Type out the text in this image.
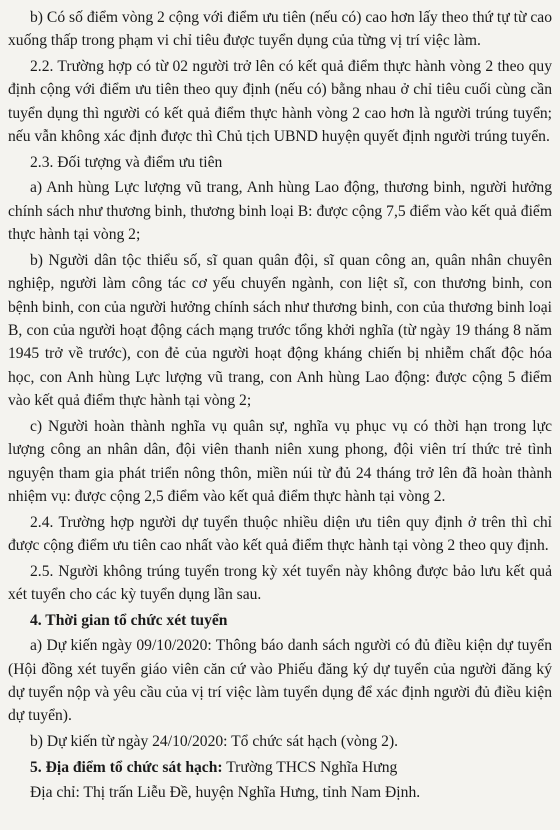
b) Có số điểm vòng 2 cộng với điểm ưu tiên (nếu có) cao hơn lấy theo thứ tự từ cao xuống thấp trong phạm vi chỉ tiêu được tuyển dụng của từng vị trí việc làm.

2.2. Trường hợp có từ 02 người trở lên có kết quả điểm thực hành vòng 2 theo quy định cộng với điểm ưu tiên theo quy định (nếu có) bằng nhau ở chỉ tiêu cuối cùng cần tuyển dụng thì người có kết quả điểm thực hành vòng 2 cao hơn là người trúng tuyển; nếu vẫn không xác định được thì Chủ tịch UBND huyện quyết định người trúng tuyển.

2.3. Đối tượng và điểm ưu tiên

a) Anh hùng Lực lượng vũ trang, Anh hùng Lao động, thương binh, người hưởng chính sách như thương binh, thương binh loại B: được cộng 7,5 điểm vào kết quả điểm thực hành tại vòng 2;

b) Người dân tộc thiểu số, sĩ quan quân đội, sĩ quan công an, quân nhân chuyên nghiệp, người làm công tác cơ yếu chuyển ngành, con liệt sĩ, con thương binh, con bệnh binh, con của người hưởng chính sách như thương binh, con của thương binh loại B, con của người hoạt động cách mạng trước tổng khởi nghĩa (từ ngày 19 tháng 8 năm 1945 trở về trước), con đẻ của người hoạt động kháng chiến bị nhiễm chất độc hóa học, con Anh hùng Lực lượng vũ trang, con Anh hùng Lao động: được cộng 5 điểm vào kết quả điểm thực hành tại vòng 2;

c) Người hoàn thành nghĩa vụ quân sự, nghĩa vụ phục vụ có thời hạn trong lực lượng công an nhân dân, đội viên thanh niên xung phong, đội viên trí thức trẻ tình nguyện tham gia phát triển nông thôn, miền núi từ đủ 24 tháng trở lên đã hoàn thành nhiệm vụ: được cộng 2,5 điểm vào kết quả điểm thực hành tại vòng 2.

2.4. Trường hợp người dự tuyển thuộc nhiều diện ưu tiên quy định ở trên thì chỉ được cộng điểm ưu tiên cao nhất vào kết quả điểm thực hành tại vòng 2 theo quy định.

2.5. Người không trúng tuyển trong kỳ xét tuyển này không được bảo lưu kết quả xét tuyển cho các kỳ tuyển dụng lần sau.

4. Thời gian tổ chức xét tuyển

a) Dự kiến ngày 09/10/2020: Thông báo danh sách người có đủ điều kiện dự tuyển (Hội đồng xét tuyển giáo viên căn cứ vào Phiếu đăng ký dự tuyển của người đăng ký dự tuyển nộp và yêu cầu của vị trí việc làm tuyển dụng để xác định người đủ điều kiện dự tuyển).

b) Dự kiến từ ngày 24/10/2020: Tổ chức sát hạch (vòng 2).

5. Địa điểm tổ chức sát hạch: Trường THCS Nghĩa Hưng

Địa chỉ: Thị trấn Liễu Đề, huyện Nghĩa Hưng, tỉnh Nam Định.
